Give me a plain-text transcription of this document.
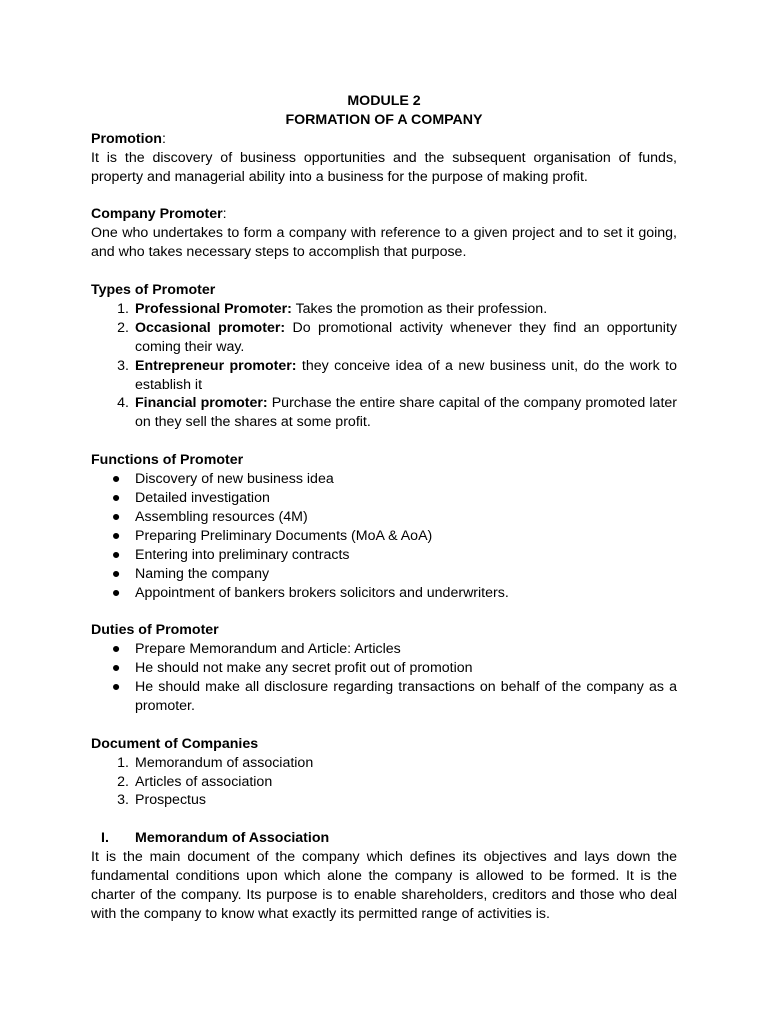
MODULE 2
FORMATION OF A COMPANY
Promotion:

It is the discovery of business opportunities and the subsequent organisation of funds, property and managerial ability into a business for the purpose of making profit.

Company Promoter:

One who undertakes to form a company with reference to a given project and to set it going, and who takes necessary steps to accomplish that purpose.

Types of Promoter
1. Professional Promoter: Takes the promotion as their profession.
2. Occasional promoter: Do promotional activity whenever they find an opportunity coming their way.
3. Entrepreneur promoter: they conceive idea of a new business unit, do the work to establish it
4. Financial promoter: Purchase the entire share capital of the company promoted later on they sell the shares at some profit.
Functions of Promoter
● Discovery of new business idea
● Detailed investigation
● Assembling resources (4M)
● Preparing Preliminary Documents (MoA & AoA)
● Entering into preliminary contracts
● Naming the company
● Appointment of bankers brokers solicitors and underwriters.
Duties of Promoter
● Prepare Memorandum and Article: Articles
● He should not make any secret profit out of promotion
● He should make all disclosure regarding transactions on behalf of the company as a promoter.
Document of Companies
1. Memorandum of association
2. Articles of association
3. Prospectus
I.	Memorandum of Association

It is the main document of the company which defines its objectives and lays down the fundamental conditions upon which alone the company is allowed to be formed. It is the charter of the company. Its purpose is to enable shareholders, creditors and those who deal with the company to know what exactly its permitted range of activities is.
